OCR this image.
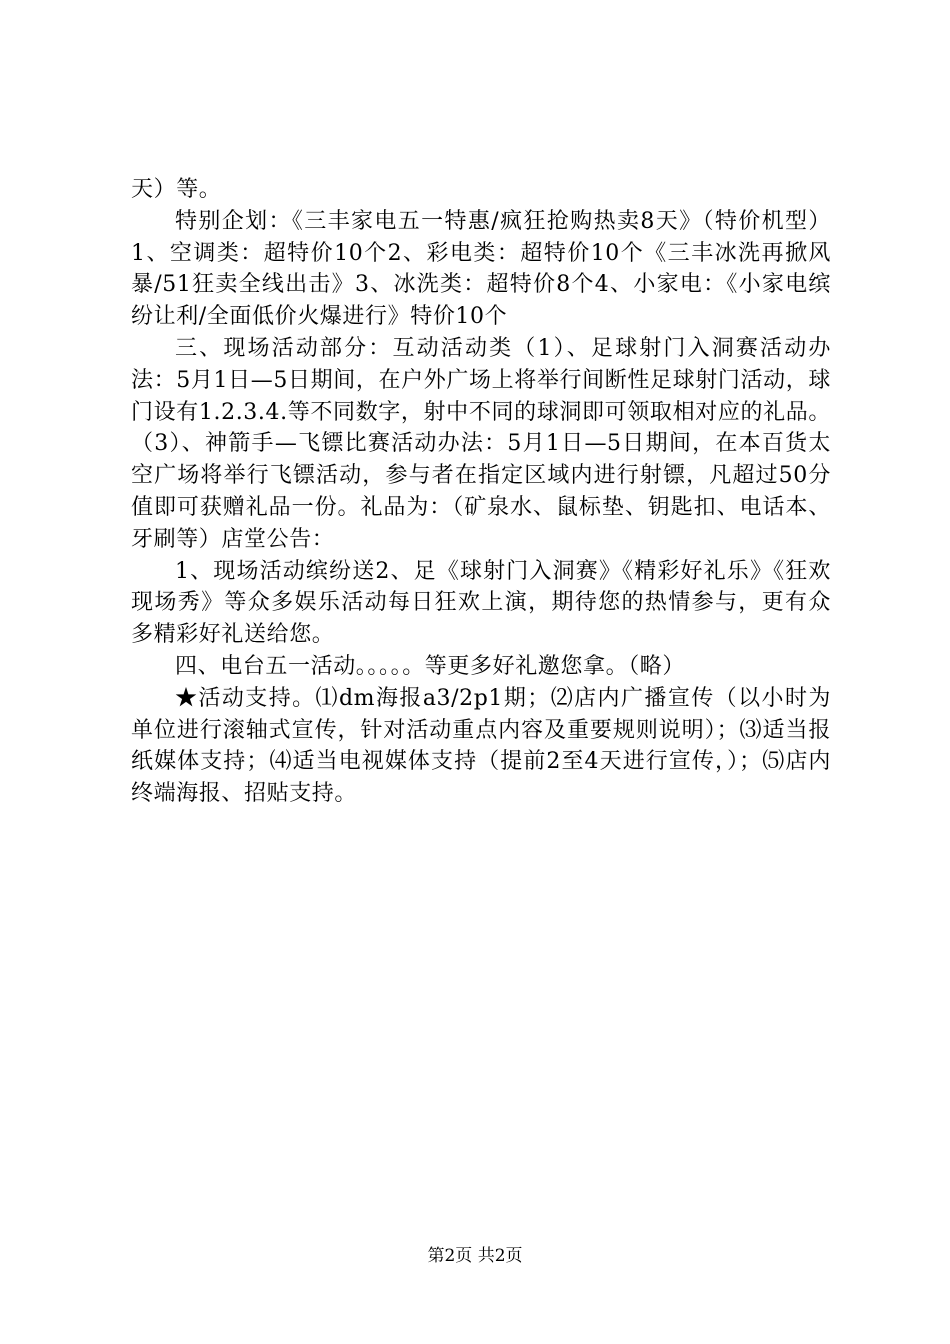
天）等。

特别企划：《三丰家电五一特惠/疯狂抢购热卖8天》（特价机型）1、空调类：超特价10个2、彩电类：超特价10个《三丰冰洗再掀风暴/51狂卖全线出击》3、冰洗类：超特价8个4、小家电：《小家电缤纷让利/全面低价火爆进行》特价10个

三、现场活动部分：互动活动类（1）、足球射门入洞赛活动办法：5月1日—5日期间，在户外广场上将举行间断性足球射门活动，球门设有1.2.3.4.等不同数字，射中不同的球洞即可领取相对应的礼品。（3）、神箭手—飞镖比赛活动办法：5月1日—5日期间，在本百货太空广场将举行飞镖活动，参与者在指定区域内进行射镖，凡超过50分值即可获赠礼品一份。礼品为：（矿泉水、鼠标垫、钥匙扣、电话本、牙刷等）店堂公告：

1、现场活动缤纷送2、足《球射门入洞赛》《精彩好礼乐》《狂欢现场秀》等众多娱乐活动每日狂欢上演，期待您的热情参与，更有众多精彩好礼送给您。

四、电台五一活动。。。。。等更多好礼邀您拿。（略）

★活动支持。⑴dm海报a3/2p1期；⑵店内广播宣传（以小时为单位进行滚轴式宣传，针对活动重点内容及重要规则说明）；⑶适当报纸媒体支持；⑷适当电视媒体支持（提前2至4天进行宣传，）；⑸店内终端海报、招贴支持。

第2页 共2页
